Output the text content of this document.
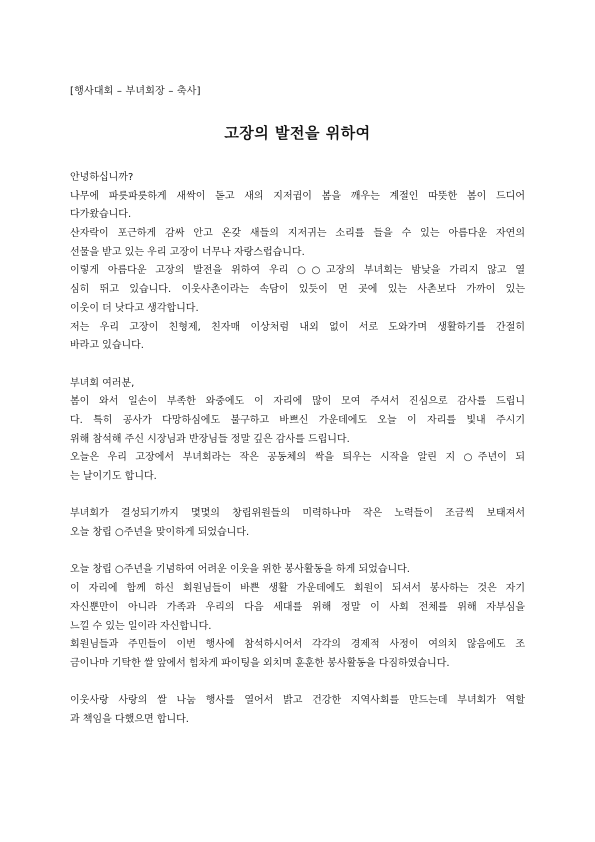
[행사대회 – 부녀회장 – 축사]
고장의 발전을 위하여
안녕하십니까?
나무에 파릇파릇하게 새싹이 돋고 새의 지저귐이 봄을 깨우는 계절인 따뜻한 봄이 드디어
다가왔습니다.
산자락이 포근하게 감싸 안고 온갖 새들의 지저귀는 소리를 들을 수 있는 아름다운 자연의
선물을 받고 있는 우리 고장이 너무나 자랑스럽습니다.
이렇게 아름다운 고장의 발전을 위하여 우리 ○○고장의 부녀회는 밤낮을 가리지 않고 열
심히 뛰고 있습니다. 이웃사촌이라는 속담이 있듯이 먼 곳에 있는 사촌보다 가까이 있는
이웃이 더 낫다고 생각합니다.
저는 우리 고장이 친형제, 친자매 이상처럼 내외 없이 서로 도와가며 생활하기를 간절히
바라고 있습니다.
부녀회 여러분,
봄이 와서 일손이 부족한 와중에도 이 자리에 많이 모여 주셔서 진심으로 감사를 드립니
다. 특히 공사가 다망하심에도 불구하고 바쁘신 가운데에도 오늘 이 자리를 빛내 주시기
위해 참석해 주신 시장님과 반장님들 정말 깊은 감사를 드립니다.
오늘은 우리 고장에서 부녀회라는 작은 공동체의 싹을 틔우는 시작을 알린 지 ○주년이 되
는 날이기도 합니다.
부녀회가 결성되기까지 몇몇의 창립위원들의 미력하나마 작은 노력들이 조금씩 보태져서
오늘 창립 ○주년을 맞이하게 되었습니다.
오늘 창립 ○주년을 기념하여 어려운 이웃을 위한 봉사활동을 하게 되었습니다.
이 자리에 함께 하신 회원님들이 바쁜 생활 가운데에도 회원이 되셔서 봉사하는 것은 자기
자신뿐만이 아니라 가족과 우리의 다음 세대를 위해 정말 이 사회 전체를 위해 자부심을
느낄 수 있는 일이라 자신합니다.
회원님들과 주민들이 이번 행사에 참석하시어서 각각의 경제적 사정이 여의치 않음에도 조
금이나마 기탁한 쌀 앞에서 힘차게 파이팅을 외치며 훈훈한 봉사활동을 다짐하였습니다.
이웃사랑 사랑의 쌀 나눔 행사를 열어서 밝고 건강한 지역사회를 만드는데 부녀회가 역할
과 책임을 다했으면 합니다.
